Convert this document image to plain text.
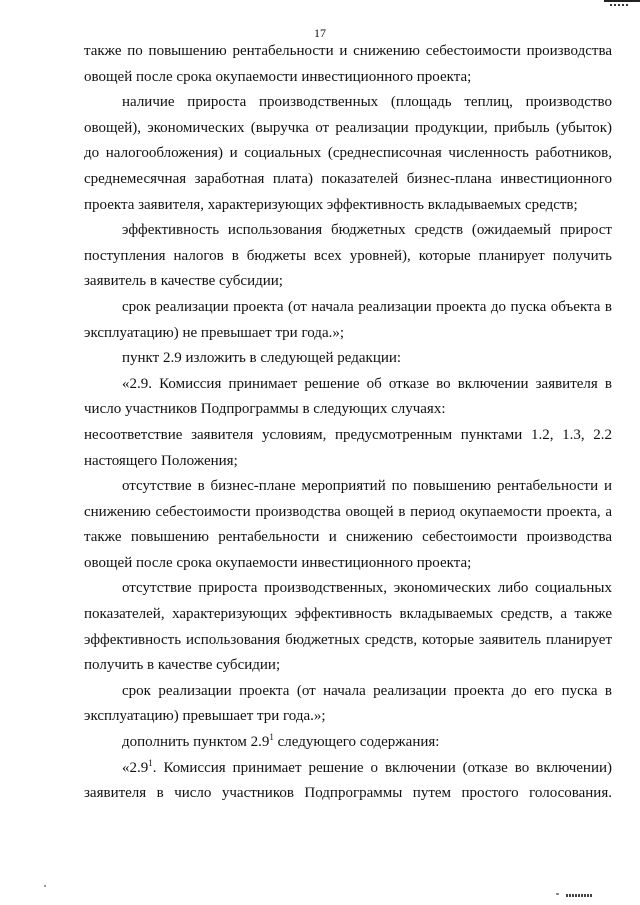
17

также по повышению рентабельности и снижению себестоимости производства овощей после срока окупаемости инвестиционного проекта;

наличие прироста производственных (площадь теплиц, производство овощей), экономических (выручка от реализации продукции, прибыль (убыток) до налогообложения) и социальных (среднесписочная численность работников, среднемесячная заработная плата) показателей бизнес-плана инвестиционного проекта заявителя, характеризующих эффективность вкладываемых средств;

эффективность использования бюджетных средств (ожидаемый прирост поступления налогов в бюджеты всех уровней), которые планирует получить заявитель в качестве субсидии;

срок реализации проекта (от начала реализации проекта до пуска объекта в эксплуатацию) не превышает три года.»;

пункт 2.9 изложить в следующей редакции:

«2.9. Комиссия принимает решение об отказе во включении заявителя в число участников Подпрограммы в следующих случаях:

несоответствие заявителя условиям, предусмотренным пунктами 1.2, 1.3, 2.2 настоящего Положения;

отсутствие в бизнес-плане мероприятий по повышению рентабельности и снижению себестоимости производства овощей в период окупаемости проекта, а также повышению рентабельности и снижению себестоимости производства овощей после срока окупаемости инвестиционного проекта;

отсутствие прироста производственных, экономических либо социальных показателей, характеризующих эффективность вкладываемых средств, а также эффективность использования бюджетных средств, которые заявитель планирует получить в качестве субсидии;

срок реализации проекта (от начала реализации проекта до его пуска в эксплуатацию) превышает три года.»;

дополнить пунктом $2.9^1$ следующего содержания:

«$2.9^1$. Комиссия принимает решение о включении (отказе во включении) заявителя в число участников Подпрограммы путем простого голосования.
